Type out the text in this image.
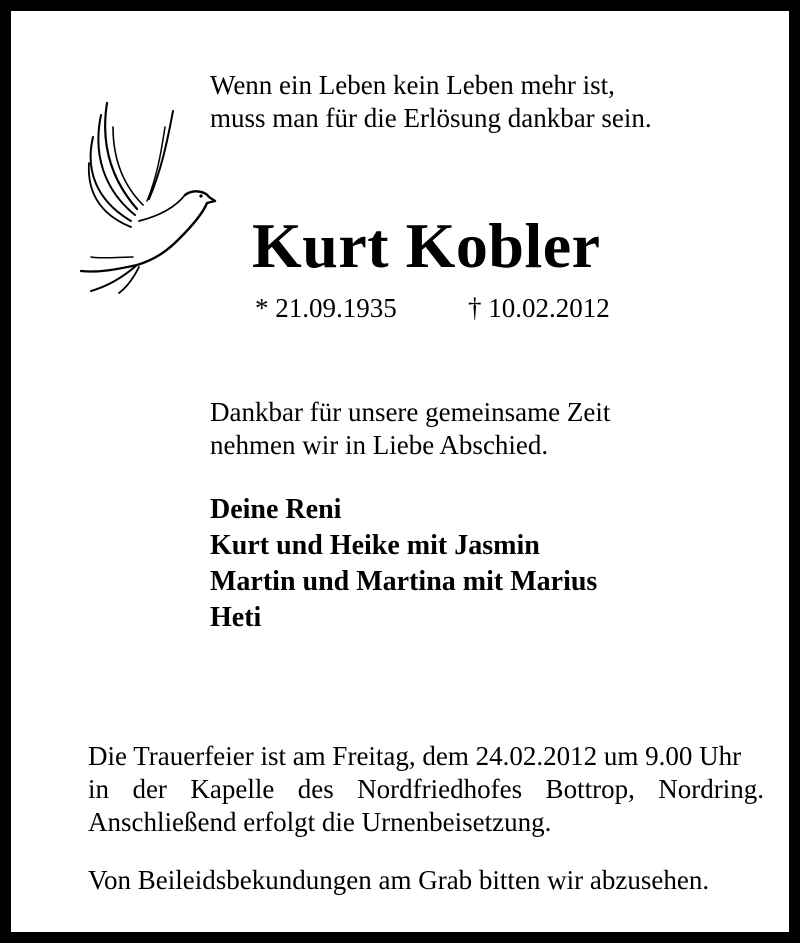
Wenn ein Leben kein Leben mehr ist,
muss man für die Erlösung dankbar sein.
Kurt Kobler
* 21.09.1935	† 10.02.2012
Dankbar für unsere gemeinsame Zeit
nehmen wir in Liebe Abschied.
Deine Reni
Kurt und Heike mit Jasmin
Martin und Martina mit Marius
Heti
Die Trauerfeier ist am Freitag, dem 24.02.2012 um 9.00 Uhr
in der Kapelle des Nordfriedhofes Bottrop, Nordring.
Anschließend erfolgt die Urnenbeisetzung.
Von Beileidsbekundungen am Grab bitten wir abzusehen.
